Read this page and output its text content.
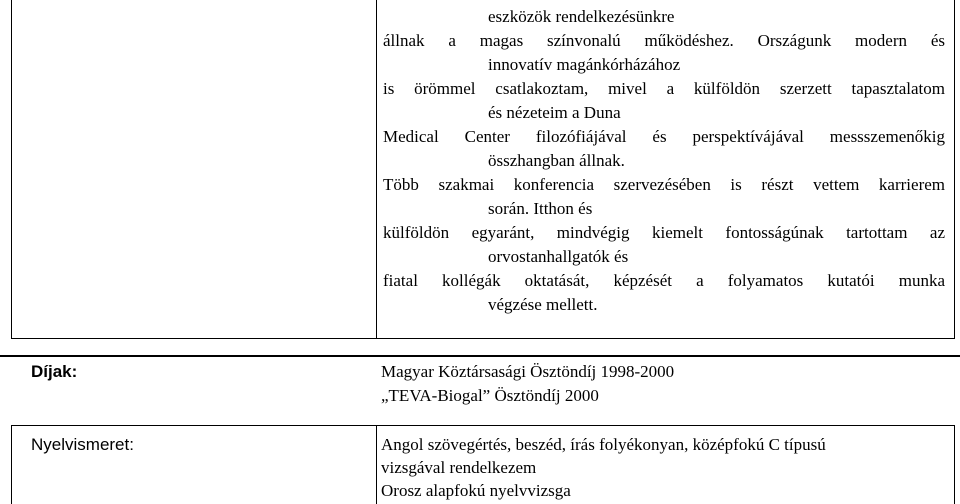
eszközök rendelkezésünkre
állnak a magas színvonalú működéshez. Országunk modern és
innovatív magánkórházához
is örömmel csatlakoztam, mivel a külföldön szerzett tapasztalatom
és nézeteim a Duna
Medical Center filozófiájával és perspektívájával messszemenőkig
összhangban állnak.
Több szakmai konferencia szervezésében is részt vettem karrierem
során. Itthon és
külföldön egyaránt, mindvégig kiemelt fontosságúnak tartottam az
orvostanhallgatók és
fiatal kollégák oktatását, képzését a folyamatos kutatói munka
végzése mellett.
Díjak:	Magyar Köztársasági Ösztöndíj 1998-2000
„TEVA-Biogal” Ösztöndíj 2000
Nyelvismeret:	Angol szövegértés, beszéd, írás folyékonyan, középfokú C típusú
vizsgával rendelkezem
Orosz alapfokú nyelvvizsga
